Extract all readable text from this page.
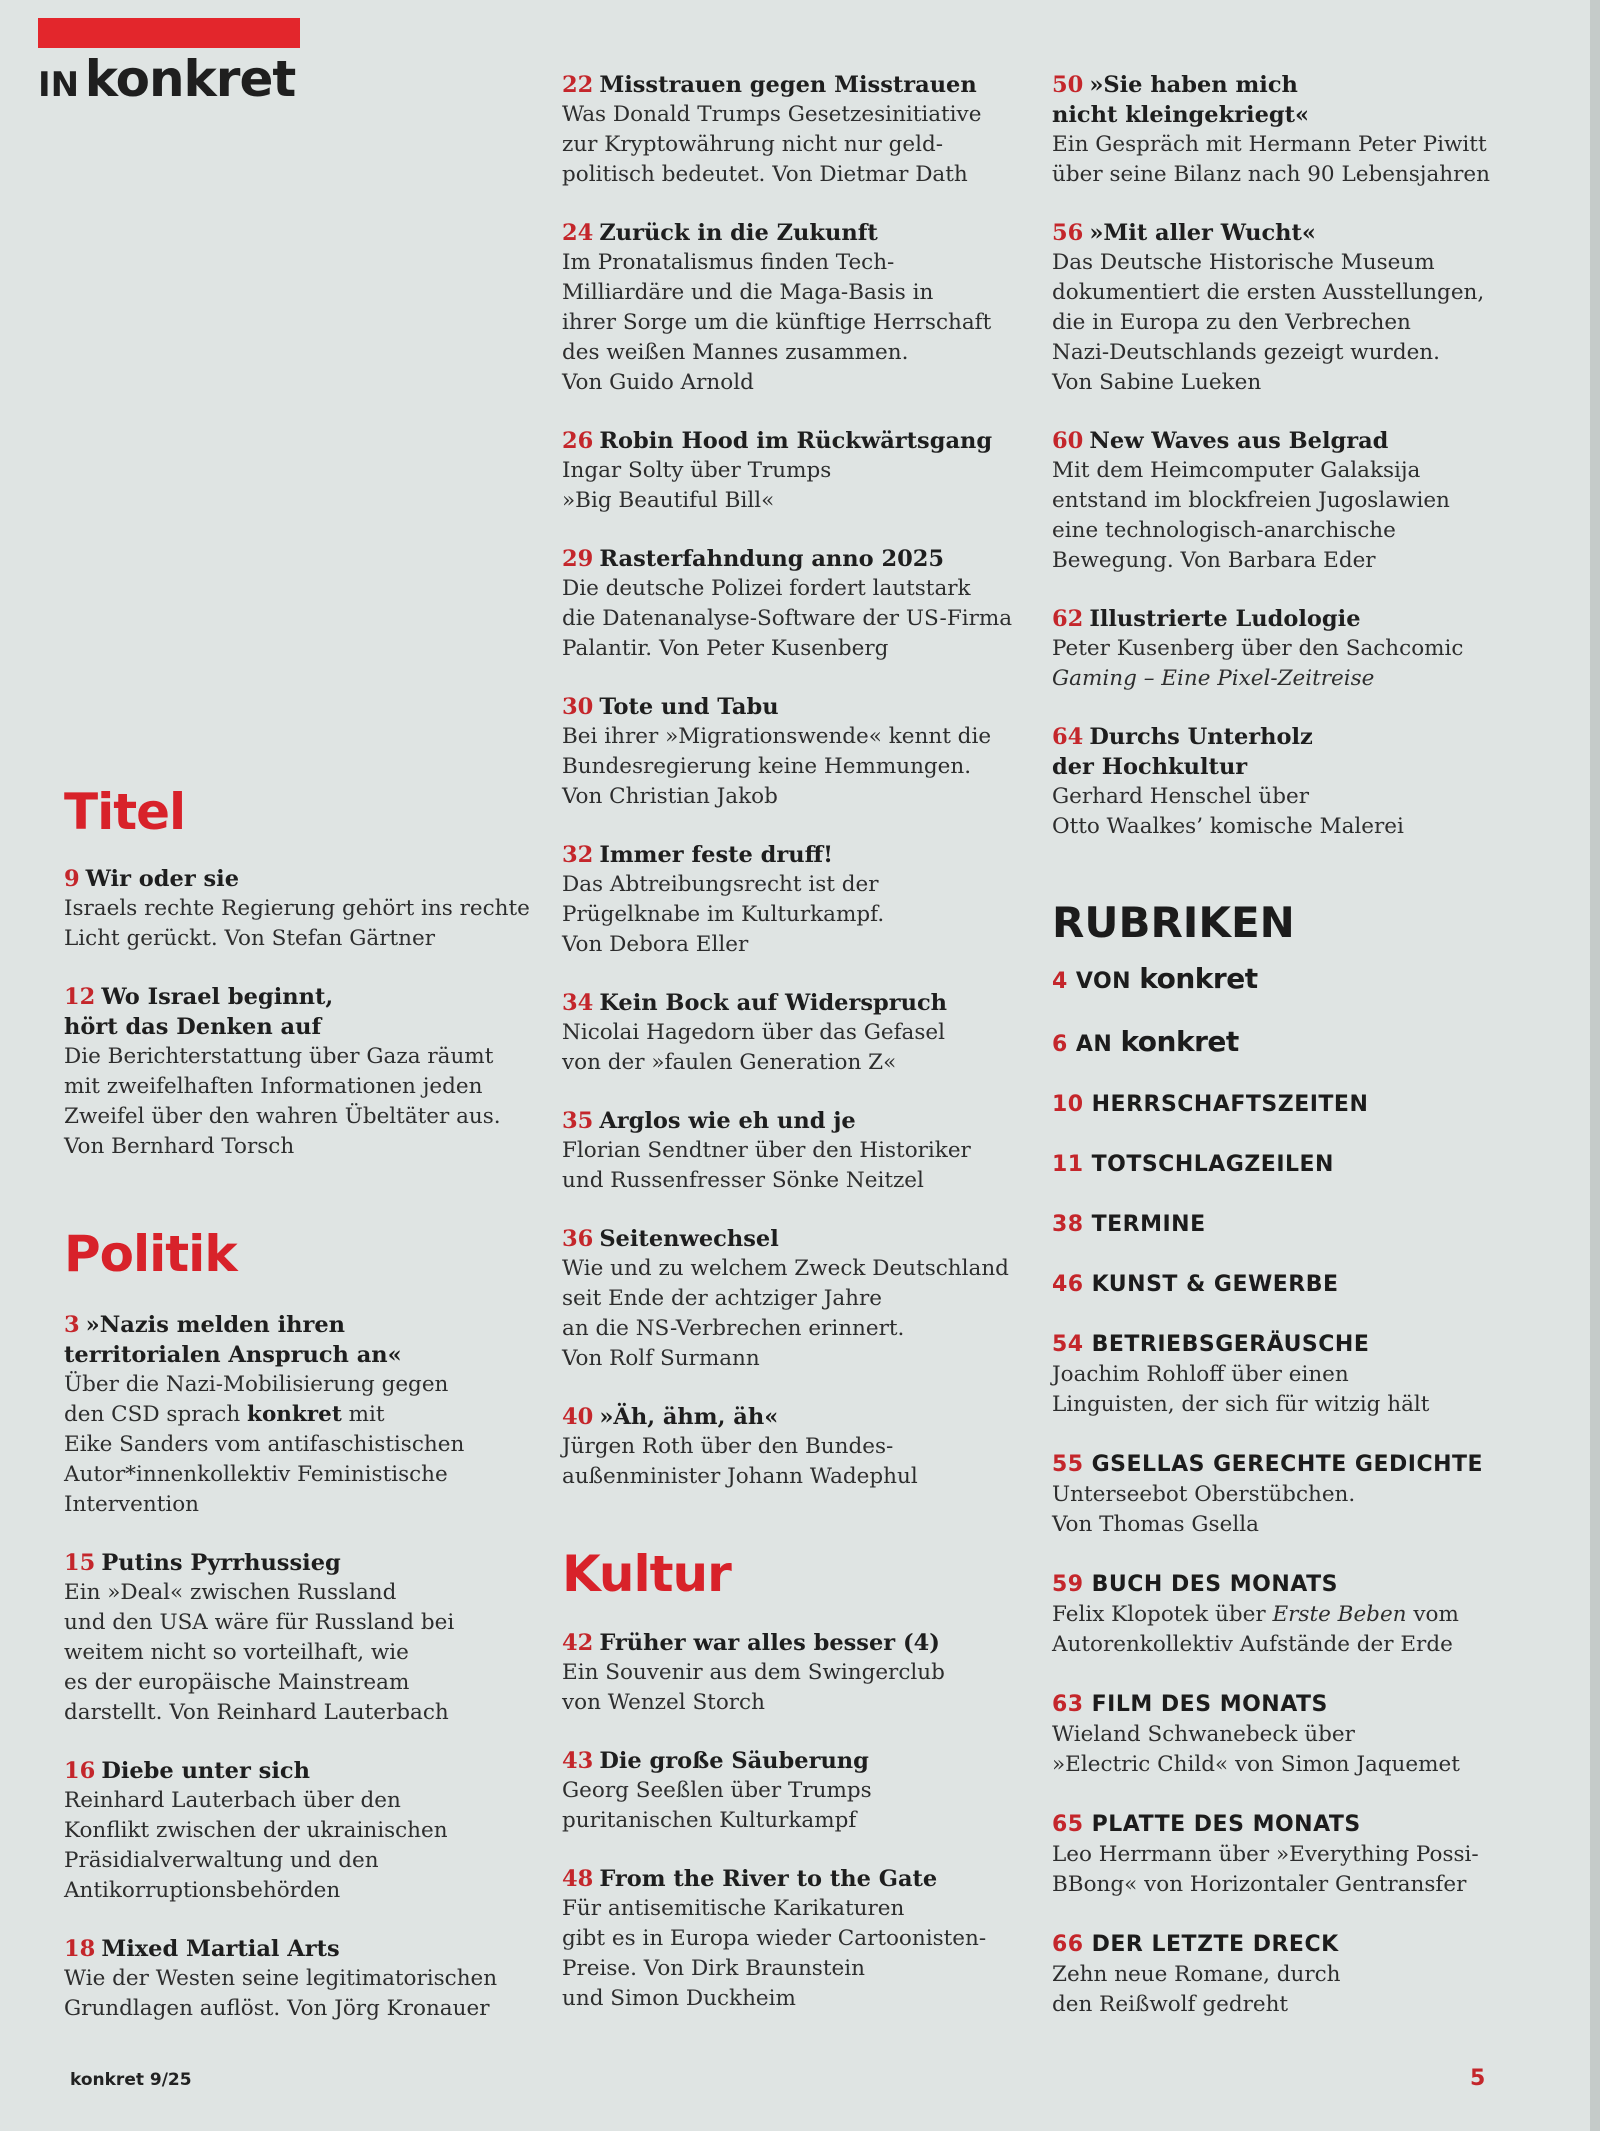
IN konkret
Titel
9 Wir oder sie
Israels rechte Regierung gehört ins rechte
Licht gerückt. Von Stefan Gärtner
12 Wo Israel beginnt,
hört das Denken auf
Die Berichterstattung über Gaza räumt
mit zweifelhaften Informationen jeden
Zweifel über den wahren Übeltäter aus.
Von Bernhard Torsch
Politik
3 »Nazis melden ihren
territorialen Anspruch an«
Über die Nazi-Mobilisierung gegen
den CSD sprach konkret mit
Eike Sanders vom antifaschistischen
Autor*innenkollektiv Feministische
Intervention
15 Putins Pyrrhussieg
Ein »Deal« zwischen Russland
und den USA wäre für Russland bei
weitem nicht so vorteilhaft, wie
es der europäische Mainstream
darstellt. Von Reinhard Lauterbach
16 Diebe unter sich
Reinhard Lauterbach über den
Konflikt zwischen der ukrainischen
Präsidialverwaltung und den
Antikorruptionsbehörden
18 Mixed Martial Arts
Wie der Westen seine legitimatorischen
Grundlagen auflöst. Von Jörg Kronauer
22 Misstrauen gegen Misstrauen
Was Donald Trumps Gesetzesinitiative
zur Kryptowährung nicht nur geld-
politisch bedeutet. Von Dietmar Dath
24 Zurück in die Zukunft
Im Pronatalismus finden Tech-
Milliardäre und die Maga-Basis in
ihrer Sorge um die künftige Herrschaft
des weißen Mannes zusammen.
Von Guido Arnold
26 Robin Hood im Rückwärtsgang
Ingar Solty über Trumps
»Big Beautiful Bill«
29 Rasterfahndung anno 2025
Die deutsche Polizei fordert lautstark
die Datenanalyse-Software der US-Firma
Palantir. Von Peter Kusenberg
30 Tote und Tabu
Bei ihrer »Migrationswende« kennt die
Bundesregierung keine Hemmungen.
Von Christian Jakob
32 Immer feste druff!
Das Abtreibungsrecht ist der
Prügelknabe im Kulturkampf.
Von Debora Eller
34 Kein Bock auf Widerspruch
Nicolai Hagedorn über das Gefasel
von der »faulen Generation Z«
35 Arglos wie eh und je
Florian Sendtner über den Historiker
und Russenfresser Sönke Neitzel
36 Seitenwechsel
Wie und zu welchem Zweck Deutschland
seit Ende der achtziger Jahre
an die NS-Verbrechen erinnert.
Von Rolf Surmann
40 »Äh, ähm, äh«
Jürgen Roth über den Bundes-
außenminister Johann Wadephul
Kultur
42 Früher war alles besser (4)
Ein Souvenir aus dem Swingerclub
von Wenzel Storch
43 Die große Säuberung
Georg Seeßlen über Trumps
puritanischen Kulturkampf
48 From the River to the Gate
Für antisemitische Karikaturen
gibt es in Europa wieder Cartoonisten-
Preise. Von Dirk Braunstein
und Simon Duckheim
50 »Sie haben mich
nicht kleingekriegt«
Ein Gespräch mit Hermann Peter Piwitt
über seine Bilanz nach 90 Lebensjahren
56 »Mit aller Wucht«
Das Deutsche Historische Museum
dokumentiert die ersten Ausstellungen,
die in Europa zu den Verbrechen
Nazi-Deutschlands gezeigt wurden.
Von Sabine Lueken
60 New Waves aus Belgrad
Mit dem Heimcomputer Galaksija
entstand im blockfreien Jugoslawien
eine technologisch-anarchische
Bewegung. Von Barbara Eder
62 Illustrierte Ludologie
Peter Kusenberg über den Sachcomic
Gaming – Eine Pixel-Zeitreise
64 Durchs Unterholz
der Hochkultur
Gerhard Henschel über
Otto Waalkes’ komische Malerei
RUBRIKEN
4 VON konkret
6 AN konkret
10 HERRSCHAFTSZEITEN
11 TOTSCHLAGZEILEN
38 TERMINE
46 KUNST & GEWERBE
54 BETRIEBSGERÄUSCHE
Joachim Rohloff über einen
Linguisten, der sich für witzig hält
55 GSELLAS GERECHTE GEDICHTE
Unterseebot Oberstübchen.
Von Thomas Gsella
59 BUCH DES MONATS
Felix Klopotek über Erste Beben vom
Autorenkollektiv Aufstände der Erde
63 FILM DES MONATS
Wieland Schwanebeck über
»Electric Child« von Simon Jaquemet
65 PLATTE DES MONATS
Leo Herrmann über »Everything Possi-
BBong« von Horizontaler Gentransfer
66 DER LETZTE DRECK
Zehn neue Romane, durch
den Reißwolf gedreht
konkret 9/25	5
